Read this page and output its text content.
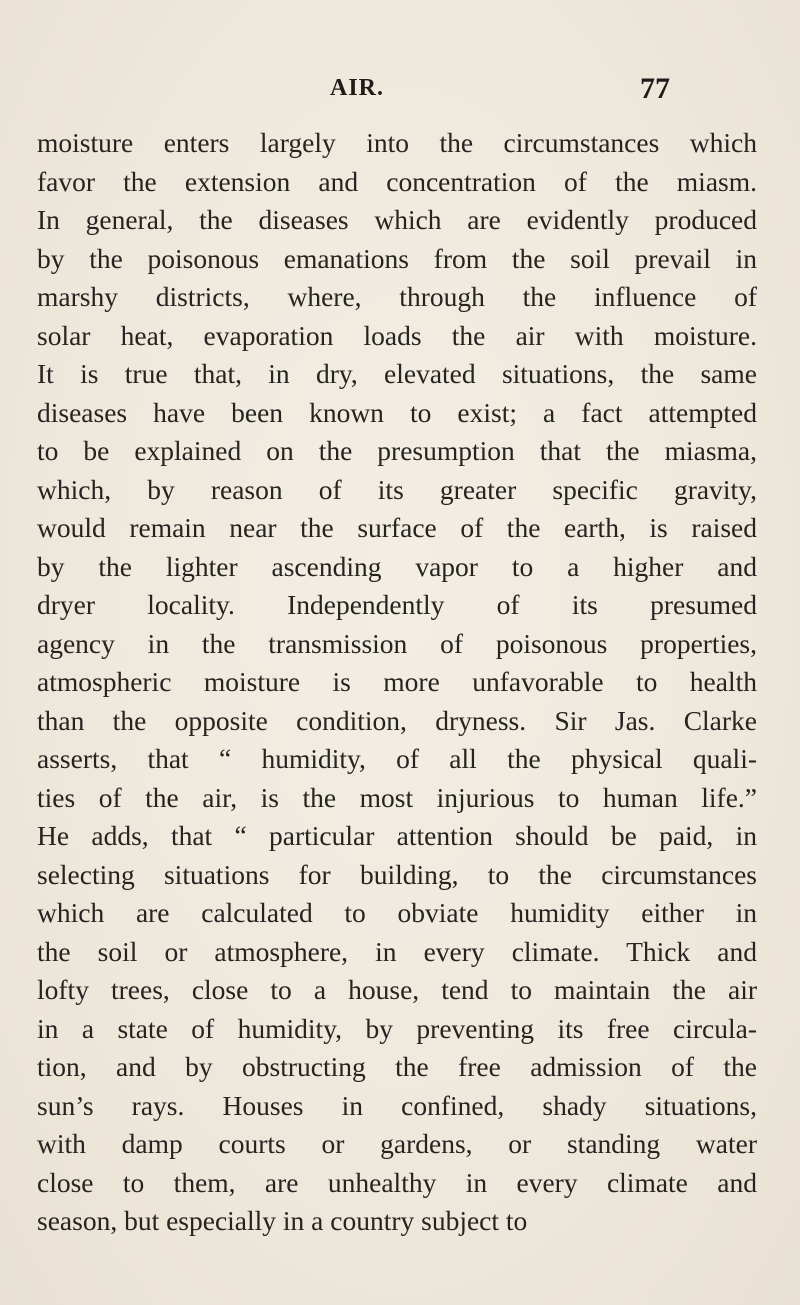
AIR.	77
moisture enters largely into the circumstances which
favor the extension and concentration of the miasm.
In general, the diseases which are evidently produced
by the poisonous emanations from the soil prevail in
marshy districts, where, through the influence of
solar heat, evaporation loads the air with moisture.
It is true that, in dry, elevated situations, the same
diseases have been known to exist; a fact attempted
to be explained on the presumption that the miasma,
which, by reason of its greater specific gravity,
would remain near the surface of the earth, is raised
by the lighter ascending vapor to a higher and
dryer locality. Independently of its presumed
agency in the transmission of poisonous properties,
atmospheric moisture is more unfavorable to health
than the opposite condition, dryness. Sir Jas. Clarke
asserts, that “ humidity, of all the physical quali-
ties of the air, is the most injurious to human life.”
He adds, that “ particular attention should be paid, in
selecting situations for building, to the circumstances
which are calculated to obviate humidity either in
the soil or atmosphere, in every climate. Thick and
lofty trees, close to a house, tend to maintain the air
in a state of humidity, by preventing its free circula-
tion, and by obstructing the free admission of the
sun’s rays. Houses in confined, shady situations,
with damp courts or gardens, or standing water
close to them, are unhealthy in every climate and
season, but especially in a country subject to
